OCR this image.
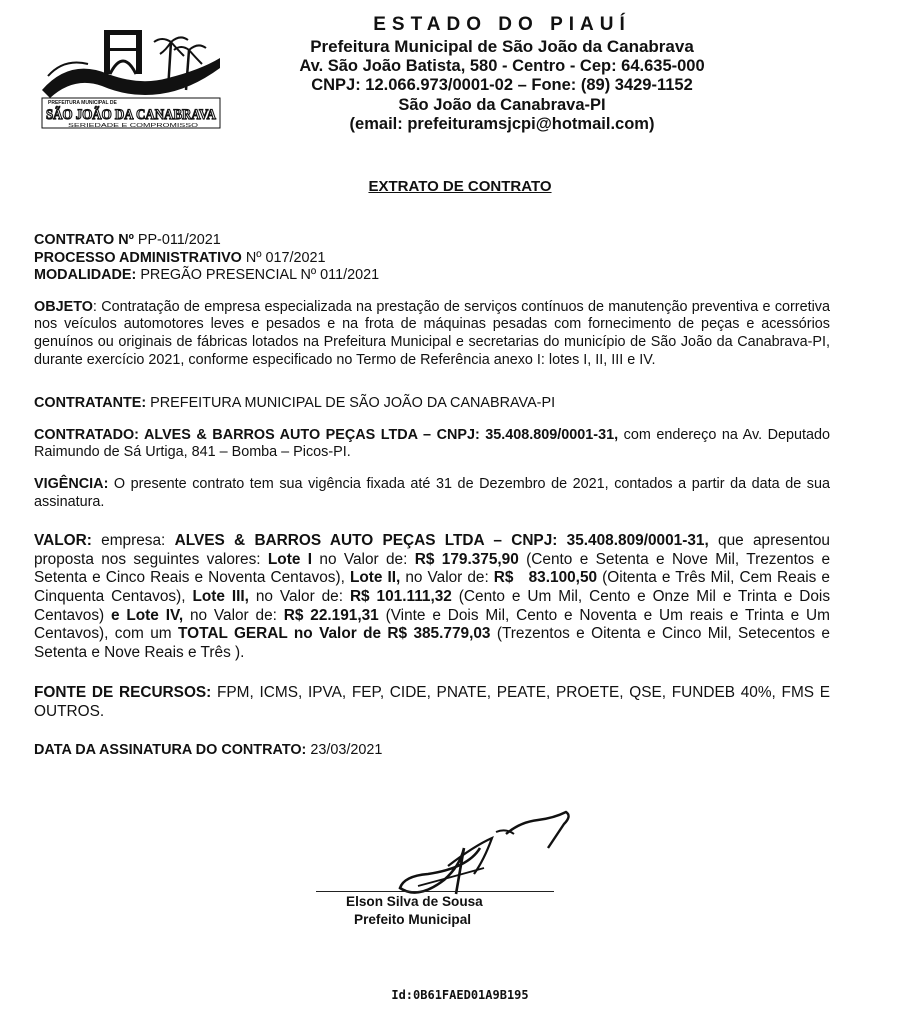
PREFEITURA MUNICIPAL DE
SÃO JOÃO DA CANABRAVA
SERIEDADE E COMPROMISSO
ESTADO DO PIAUÍ
Prefeitura Municipal de São João da Canabrava
Av. São João Batista, 580 - Centro - Cep: 64.635-000
CNPJ: 12.066.973/0001-02 – Fone: (89) 3429-1152
São João da Canabrava-PI
(email: prefeituramsjcpi@hotmail.com)
EXTRATO DE CONTRATO

CONTRATO Nº PP-011/2021

PROCESSO ADMINISTRATIVO Nº 017/2021

MODALIDADE: PREGÃO PRESENCIAL Nº 011/2021

OBJETO: Contratação de empresa especializada na prestação de serviços contínuos de manutenção preventiva e corretiva nos veículos automotores leves e pesados e na frota de máquinas pesadas com fornecimento de peças e acessórios genuínos ou originais de fábricas lotados na Prefeitura Municipal e secretarias do município de São João da Canabrava-PI, durante exercício 2021, conforme especificado no Termo de Referência anexo I: lotes I, II, III e IV.

CONTRATANTE: PREFEITURA MUNICIPAL DE SÃO JOÃO DA CANABRAVA-PI

CONTRATADO: ALVES & BARROS AUTO PEÇAS LTDA – CNPJ: 35.408.809/0001-31, com endereço na Av. Deputado Raimundo de Sá Urtiga, 841 – Bomba – Picos-PI.

VIGÊNCIA: O presente contrato tem sua vigência fixada até 31 de Dezembro de 2021, contados a partir da data de sua assinatura.

VALOR: empresa: ALVES & BARROS AUTO PEÇAS LTDA – CNPJ: 35.408.809/0001-31, que apresentou proposta nos seguintes valores: Lote I no Valor de: R$ 179.375,90 (Cento e Setenta e Nove Mil, Trezentos e Setenta e Cinco Reais e Noventa Centavos), Lote II, no Valor de: R$   83.100,50 (Oitenta e Três Mil, Cem Reais e Cinquenta Centavos), Lote III, no Valor de: R$ 101.111,32 (Cento e Um Mil, Cento e Onze Mil e Trinta e Dois Centavos) e Lote IV, no Valor de: R$ 22.191,31 (Vinte e Dois Mil, Cento e Noventa e Um reais e Trinta e Um Centavos), com um TOTAL GERAL no Valor de R$ 385.779,03 (Trezentos e Oitenta e Cinco Mil, Setecentos e Setenta e Nove Reais e Três ).

FONTE DE RECURSOS: FPM, ICMS, IPVA, FEP, CIDE, PNATE, PEATE, PROETE, QSE, FUNDEB 40%, FMS E OUTROS.

DATA DA ASSINATURA DO CONTRATO: 23/03/2021

Elson Silva de Sousa
Prefeito Municipal
Id:0B61FAED01A9B195
